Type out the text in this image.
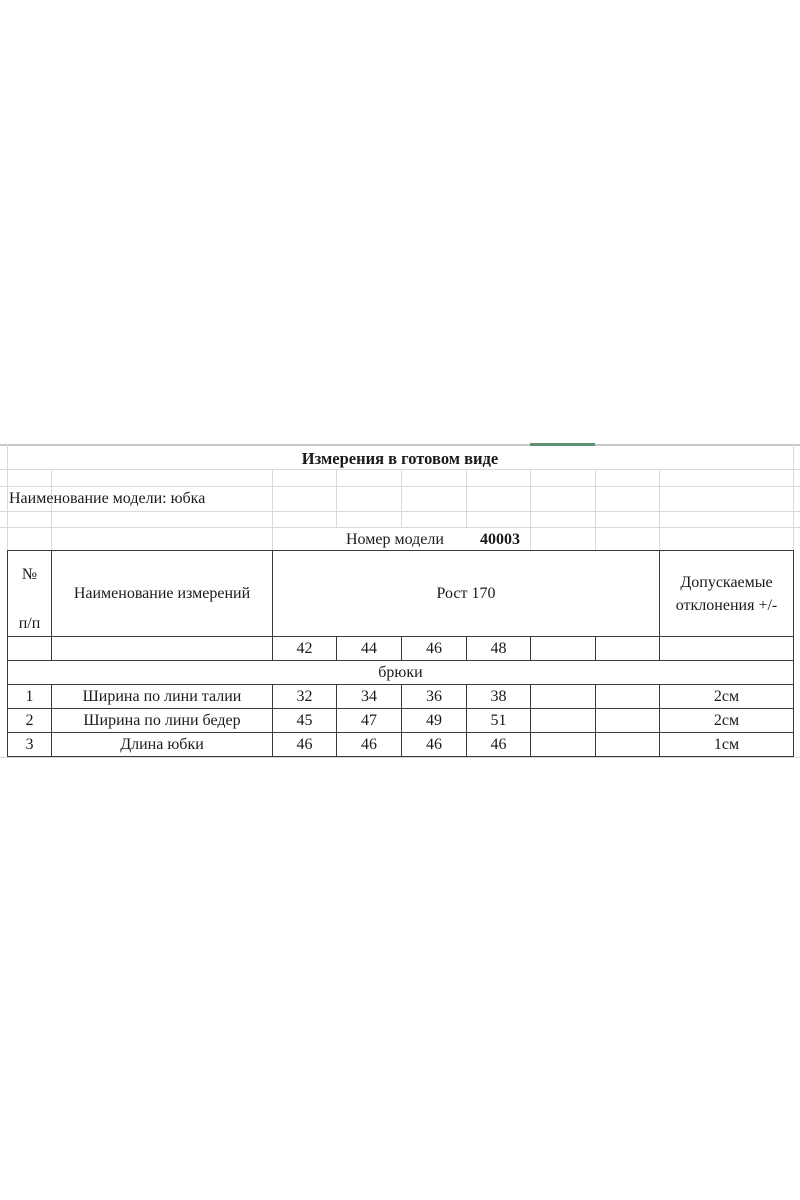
Измерения в готовом виде
Наименование модели: юбка
Номер модели 40003
№
п/п	Наименование измерений	Рост 170						Допускаемые отклонения +/-
		42	44	46	48			
брюки								
1	Ширина по лини талии	32	34	36	38			2см
2	Ширина по лини бедер	45	47	49	51			2см
3	Длина юбки	46	46	46	46			1см
